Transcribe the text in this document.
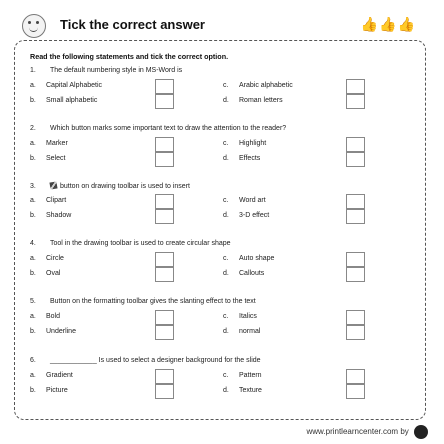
Tick the correct answer	👍👍👍
Read the following statements and tick the correct option.
1. The default numbering style in MS-Word is
a. Capital Alphabetic
b. Small alphabetic
c. Arabic alphabetic
d. Roman letters
2. Which button marks some important text to draw the attention to the reader?
a. Marker
b. Select
c. Highlight
d. Effects
3.	button on drawing toolbar is used to insert
a. Clipart
b. Shadow
c. Word art
d. 3-D effect
4. Tool in the drawing toolbar is used to create circular shape
a. Circle
b. Oval
c. Auto shape
d. Callouts
5. Button on the formatting toolbar gives the slanting effect to the text
a. Bold
b. Underline
c. Italics
d. normal
6. ____________ Is used to select a designer background for the slide
a. Gradient
b. Picture
c. Pattern
d. Texture
www.printlearncenter.com by
